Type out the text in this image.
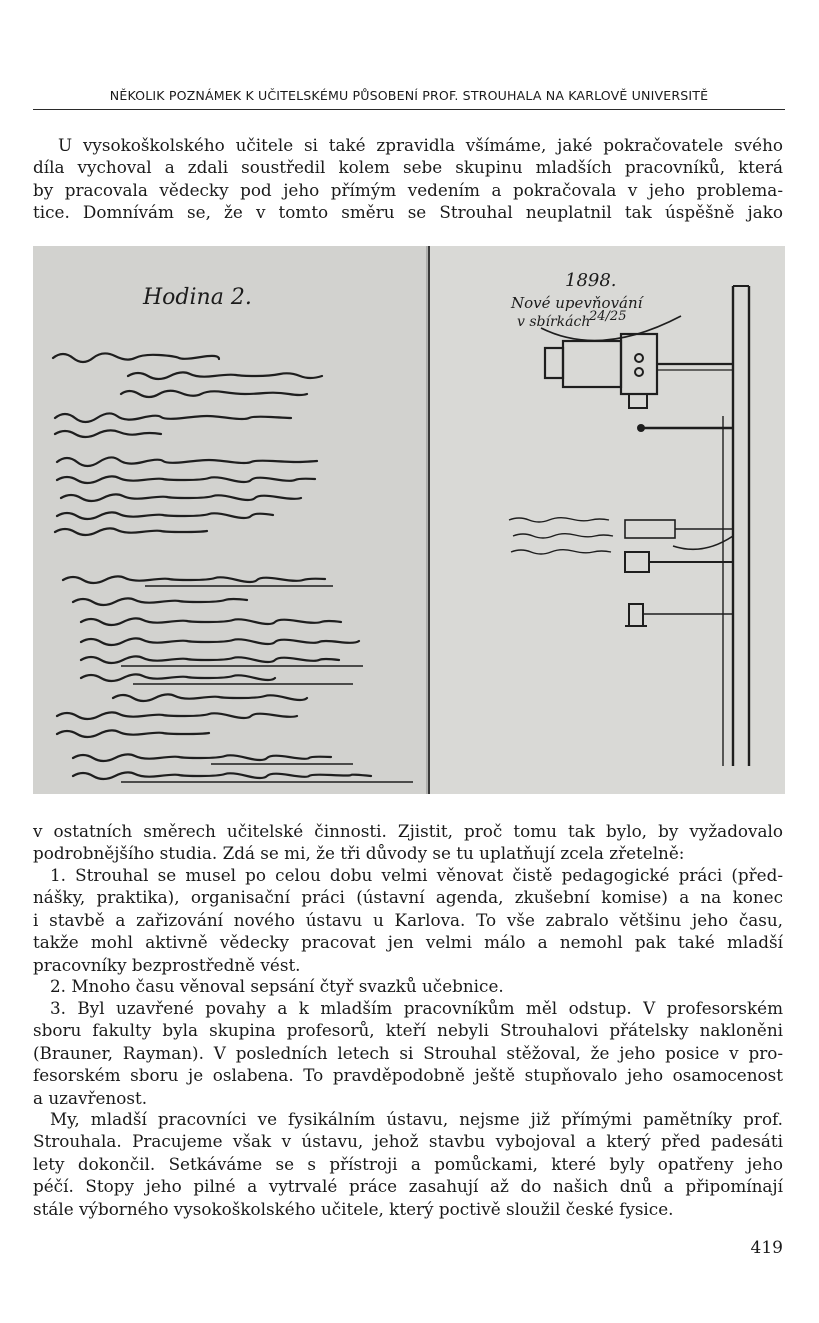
NĚKOLIK POZNÁMEK K UČITELSKÉMU PŮSOBENÍ PROF. STROUHALA NA KARLOVĚ UNIVERSITĚ

U vysokoškolského učitele si také zpravidla všímáme, jaké pokračovatele svého
díla vychoval a zdali soustředil kolem sebe skupinu mladších pracovníků, která
by pracovala vědecky pod jeho přímým vedením a pokračovala v jeho problema-
tice. Domnívám se, že v tomto směru se Strouhal neuplatnil tak úspěšně jako

Hodina 2.
1898.
Nové upevňování
v sbírkách
24/25

v ostatních směrech učitelské činnosti. Zjistit, proč tomu tak bylo, by vyžadovalo
podrobnějšího studia. Zdá se mi, že tři důvody se tu uplatňují zcela zřetelně:

1. Strouhal se musel po celou dobu velmi věnovat čistě pedagogické práci (před-
nášky, praktika), organisační práci (ústavní agenda, zkušební komise) a na konec
i stavbě a zařizování nového ústavu u Karlova. To vše zabralo většinu jeho času,
takže mohl aktivně vědecky pracovat jen velmi málo a nemohl pak také mladší
pracovníky bezprostředně vést.

2. Mnoho času věnoval sepsání čtyř svazků učebnice.

3. Byl uzavřené povahy a k mladším pracovníkům měl odstup. V profesorském
sboru fakulty byla skupina profesorů, kteří nebyli Strouhalovi přátelsky nakloněni
(Brauner, Rayman). V posledních letech si Strouhal stěžoval, že jeho posice v pro-
fesorském sboru je oslabena. To pravděpodobně ještě stupňovalo jeho osamocenost
a uzavřenost.

My, mladší pracovníci ve fysikálním ústavu, nejsme již přímými pamětníky prof.
Strouhala. Pracujeme však v ústavu, jehož stavbu vybojoval a který před padesáti
lety dokončil. Setkáváme se s přístroji a pomůckami, které byly opatřeny jeho
péčí. Stopy jeho pilné a vytrvalé práce zasahují až do našich dnů a připomínají
stále výborného vysokoškolského učitele, který poctivě sloužil české fysice.

419
